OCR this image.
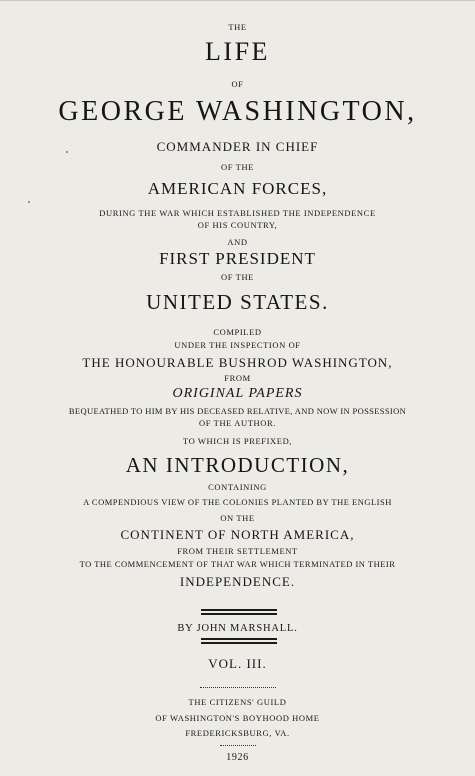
THE
LIFE
OF
GEORGE WASHINGTON,
COMMANDER IN CHIEF
OF THE
AMERICAN FORCES,
DURING THE WAR WHICH ESTABLISHED THE INDEPENDENCE
OF HIS COUNTRY,
AND
FIRST PRESIDENT
OF THE
UNITED STATES.
COMPILED
UNDER THE INSPECTION OF
THE HONOURABLE BUSHROD WASHINGTON,
FROM
ORIGINAL PAPERS
BEQUEATHED TO HIM BY HIS DECEASED RELATIVE, AND NOW IN POSSESSION
OF THE AUTHOR.
TO WHICH IS PREFIXED,
AN INTRODUCTION,
CONTAINING
A COMPENDIOUS VIEW OF THE COLONIES PLANTED BY THE ENGLISH
ON THE
CONTINENT OF NORTH AMERICA,
FROM THEIR SETTLEMENT
TO THE COMMENCEMENT OF THAT WAR WHICH TERMINATED IN THEIR
INDEPENDENCE.
BY JOHN MARSHALL.
VOL. III.
THE CITIZENS' GUILD
OF WASHINGTON'S BOYHOOD HOME
FREDERICKSBURG, VA.
1926
